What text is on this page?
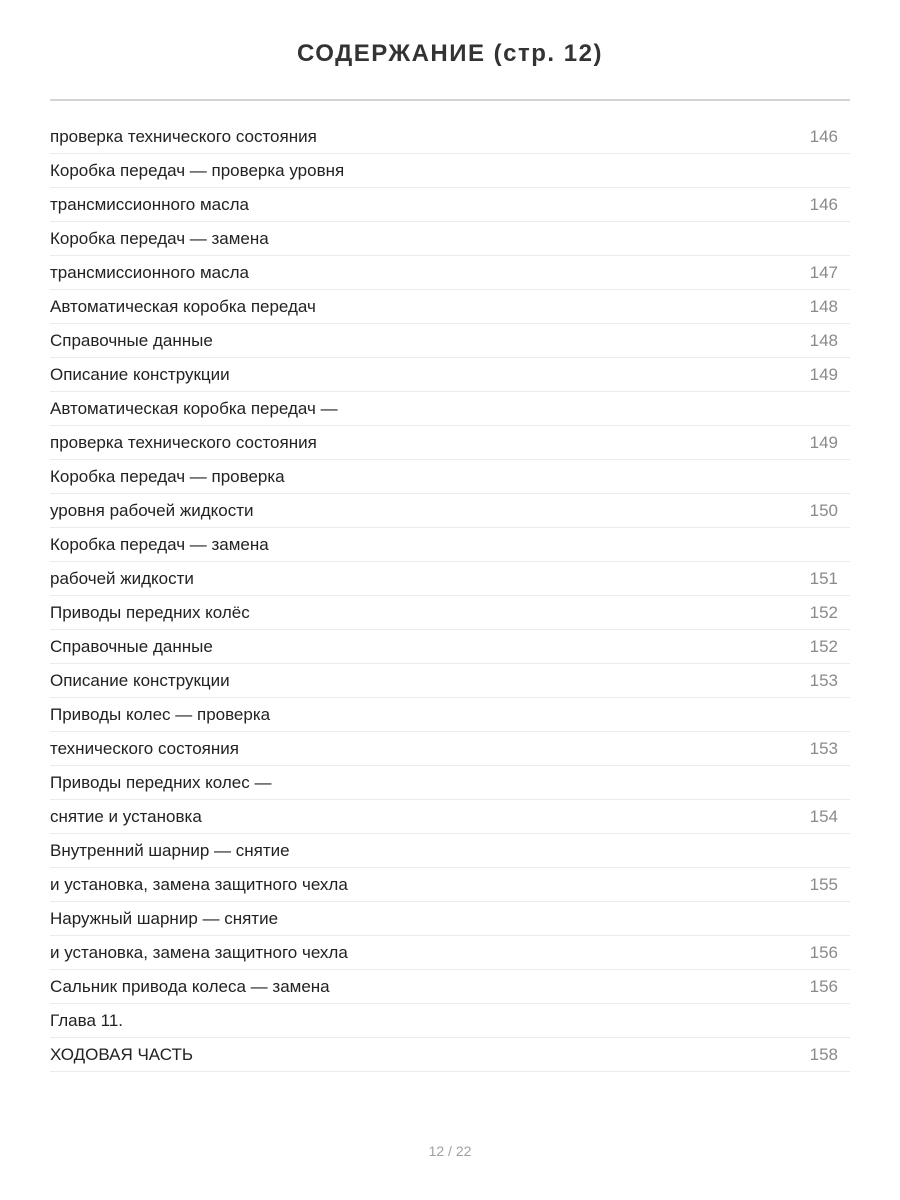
СОДЕРЖАНИЕ (стр. 12)
проверка технического состояния	146
Коробка передач — проверка уровня
трансмиссионного масла	146
Коробка передач — замена
трансмиссионного масла	147
Автоматическая коробка передач	148
Справочные данные	148
Описание конструкции	149
Автоматическая коробка передач —
проверка технического состояния	149
Коробка передач — проверка
уровня рабочей жидкости	150
Коробка передач — замена
рабочей жидкости	151
Приводы передних колёс	152
Справочные данные	152
Описание конструкции	153
Приводы колес — проверка
технического состояния	153
Приводы передних колес —
снятие и установка	154
Внутренний шарнир — снятие
и установка, замена защитного чехла	155
Наружный шарнир — снятие
и установка, замена защитного чехла	156
Сальник привода колеса — замена	156
Глава 11.
ХОДОВАЯ ЧАСТЬ	158
12 / 22
